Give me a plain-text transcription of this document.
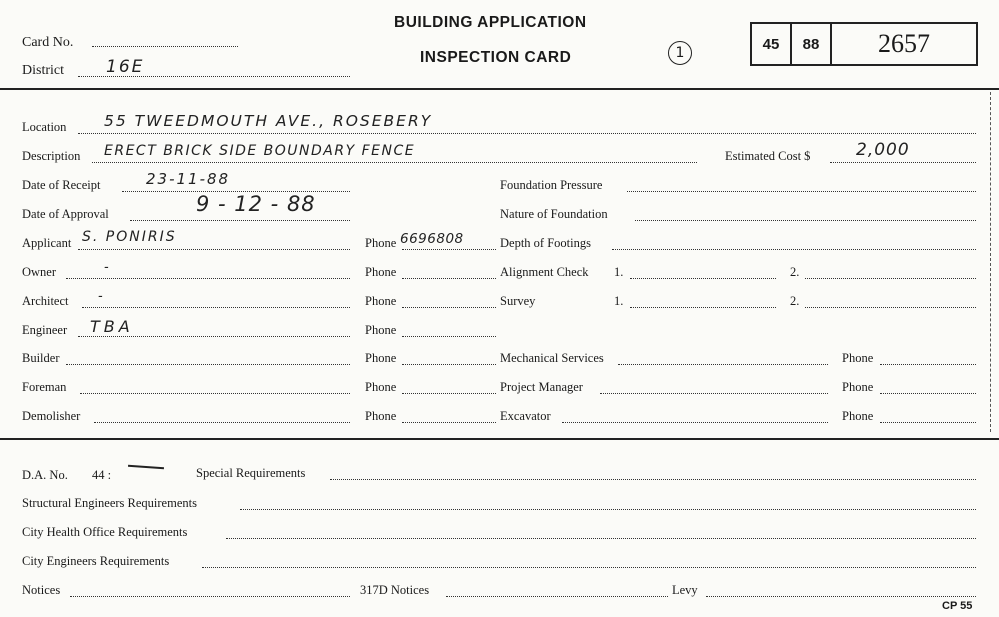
Card No.
District 16E
BUILDING APPLICATION
INSPECTION CARD	1
45	88	2657
Location 55 TWEEDMOUTH AVE., ROSEBERY
Description ERECT BRICK SIDE BOUNDARY FENCE	Estimated Cost $	2,000
Date of Receipt	23-11-88	Foundation Pressure
Date of Approval	9 - 12 - 88	Nature of Foundation
Applicant S. PONIRIS	Phone 6696808	Depth of Footings
Owner	-	Phone	Alignment Check 1.	2.
Architect -	Phone	Survey	1.	2.
Engineer TBA	Phone
Builder	Phone	Mechanical Services	Phone
Foreman	Phone	Project Manager	Phone
Demolisher	Phone	Excavator	Phone
D.A. No. 44 :	Special Requirements
Structural Engineers Requirements
City Health Office Requirements
City Engineers Requirements
Notices	317D Notices	Levy
CP 55
